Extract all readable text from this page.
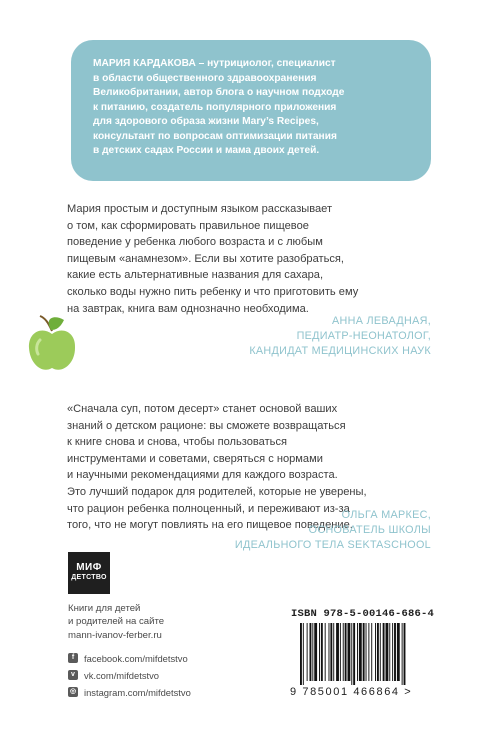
МАРИЯ КАРДАКОВА – нутрициолог, специалист

в области общественного здравоохранения

Великобритании, автор блога о научном подходе

к питанию, создатель популярного приложения

для здорового образа жизни Mary’s Recipes,

консультант по вопросам оптимизации питания

в детских садах России и мама двоих детей.

Мария простым и доступным языком рассказывает

о том, как сформировать правильное пищевое

поведение у ребенка любого возраста и с любым

пищевым «анамнезом». Если вы хотите разобраться,

какие есть альтернативные названия для сахара,

сколько воды нужно пить ребенку и что приготовить ему

на завтрак, книга вам однозначно необходима.

АННА ЛЕВАДНАЯ,

ПЕДИАТР-НЕОНАТОЛОГ,

КАНДИДАТ МЕДИЦИНСКИХ НАУК

«Сначала суп, потом десерт» станет основой ваших

знаний о детском рационе: вы сможете возвращаться

к книге снова и снова, чтобы пользоваться

инструментами и советами, сверяться с нормами

и научными рекомендациями для каждого возраста.

Это лучший подарок для родителей, которые не уверены,

что рацион ребенка полноценный, и переживают из-за

того, что не могут повлиять на его пищевое поведение.

ОЛЬГА МАРКЕС,

ОСНОВАТЕЛЬ ШКОЛЫ

ИДЕАЛЬНОГО ТЕЛА SEKTASCHOOL

МИФ
ДЕТСТВО

Книги для детей

и родителей на сайте

mann-ivanov-ferber.ru

f	facebook.com/mifdetstvo
v vk.com/mifdetstvo
◎ instagram.com/mifdetstvo
ISBN 978-5-00146-686-4
9 785001 466864 >
